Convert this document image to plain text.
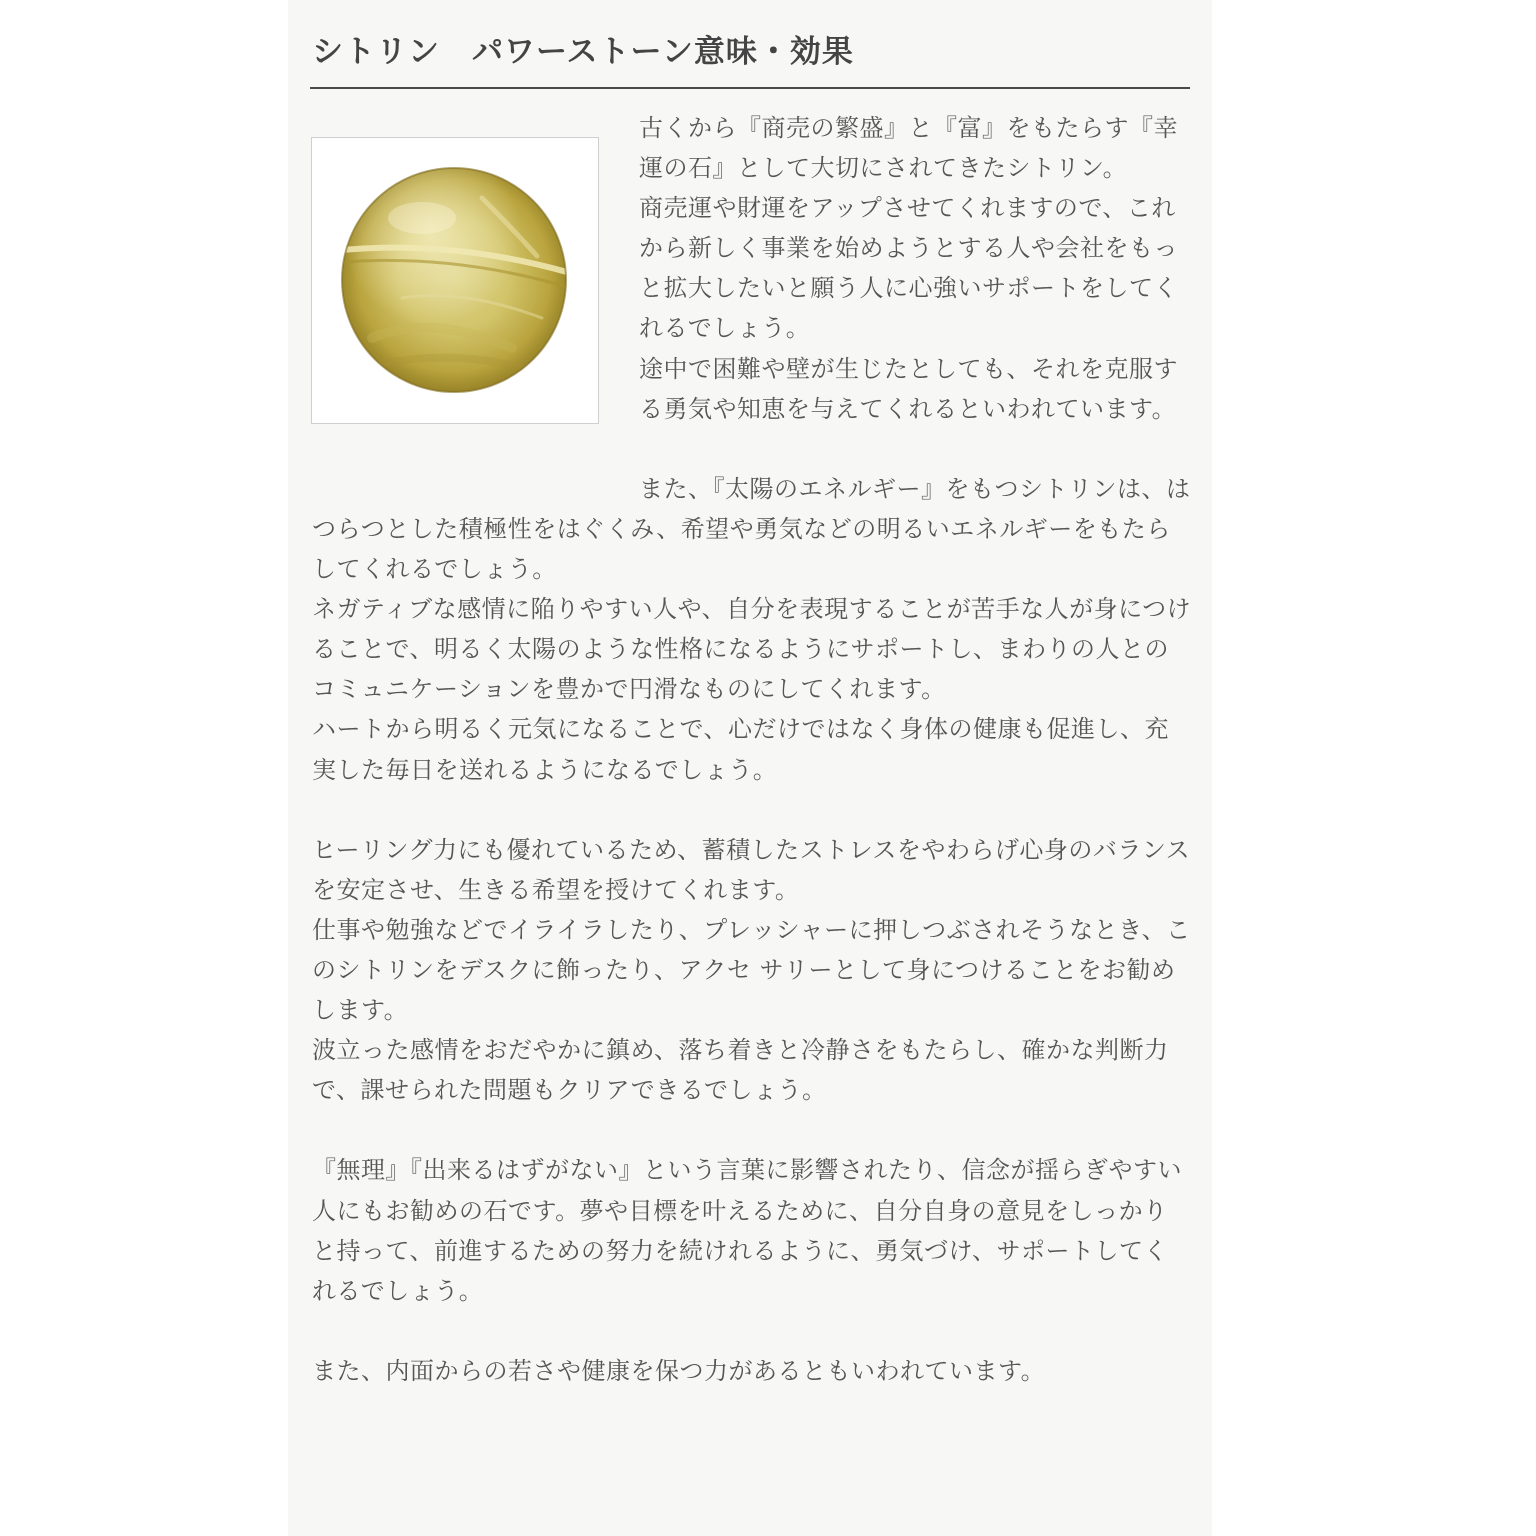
シトリン　パワーストーン意味・効果

古くから『商売の繁盛』と『富』をもたらす『幸運の石』として大切にされてきたシトリン。

商売運や財運をアップさせてくれますので、これから新しく事業を始めようとする人や会社をもっと拡大したいと願う人に心強いサポートをしてくれるでしょう。

途中で困難や壁が生じたとしても、それを克服する勇気や知恵を与えてくれるといわれています。

また、『太陽のエネルギー』をもつシトリンは、はつらつとした積極性をはぐくみ、希望や勇気などの明るいエネルギーをもたらしてくれるでしょう。

ネガティブな感情に陥りやすい人や、自分を表現することが苦手な人が身につけることで、明るく太陽のような性格になるようにサポートし、まわりの人とのコミュニケーションを豊かで円滑なものにしてくれます。

ハートから明るく元気になることで、心だけではなく身体の健康も促進し、充実した毎日を送れるようになるでしょう。

ヒーリング力にも優れているため、蓄積したストレスをやわらげ心身のバランスを安定させ、生きる希望を授けてくれます。

仕事や勉強などでイライラしたり、プレッシャーに押しつぶされそうなとき、このシトリンをデスクに飾ったり、アクセ サリーとして身につけることをお勧めします。

波立った感情をおだやかに鎮め、落ち着きと冷静さをもたらし、確かな判断力で、課せられた問題もクリアできるでしょう。

『無理』『出来るはずがない』という言葉に影響されたり、信念が揺らぎやすい人にもお勧めの石です。夢や目標を叶えるために、自分自身の意見をしっかりと持って、前進するための努力を続けれるように、勇気づけ、サポートしてくれるでしょう。

また、内面からの若さや健康を保つ力があるともいわれています。
